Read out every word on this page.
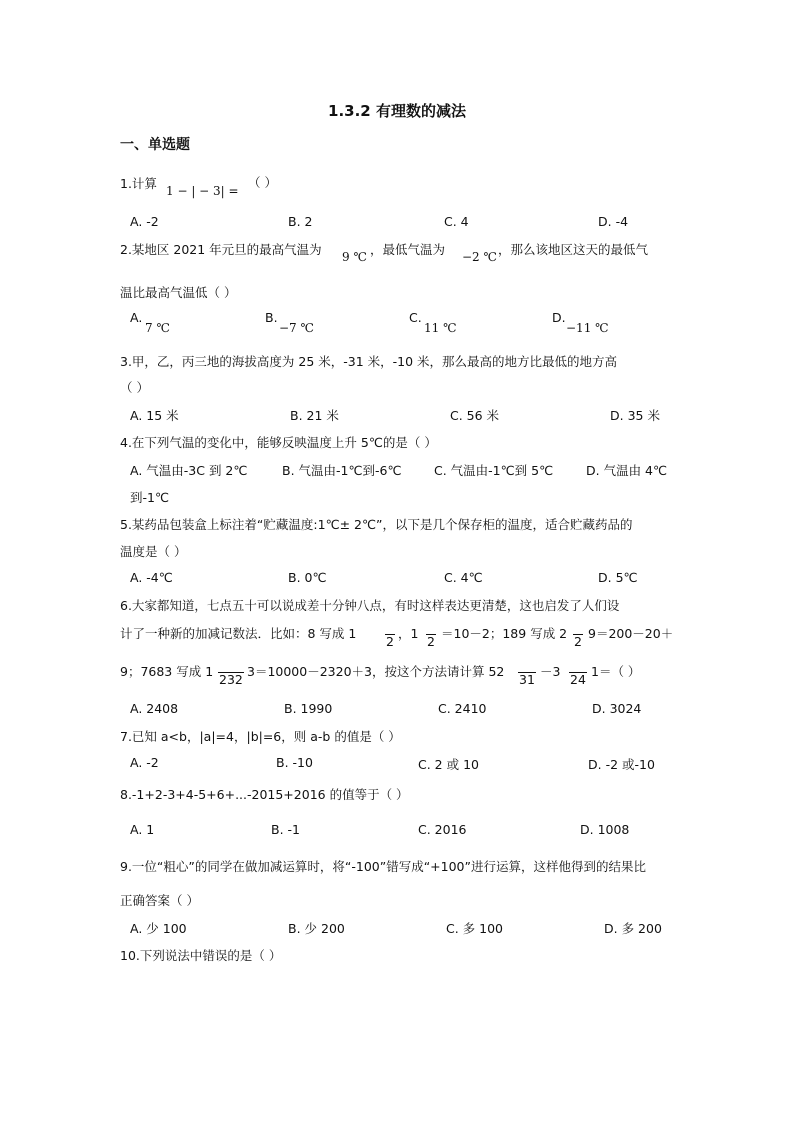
1.3.2 有理数的减法
一、单选题
1.计算 1 − | − 3| =
（ ）
A. -2	B. 2	C. 4	D. -4
2.某地区 2021 年元旦的最高气温为 9 ℃ ，最低气温为 −2 ℃ ，那么该地区这天的最低气
温比最高气温低（ ）
A.
7 ℃
B.
−7 ℃
C.
11 ℃
D.
−11 ℃
3.甲，乙，丙三地的海拔高度为 25 米，-31 米，-10 米，那么最高的地方比最低的地方高
（ ）
A. 15 米	B. 21 米	C. 56 米	D. 35 米
4.在下列气温的变化中，能够反映温度上升 5℃的是（ ）
A. 气温由-3C 到 2℃	B. 气温由-1℃到-6℃	C. 气温由-1℃到 5℃	D. 气温由 4℃
到-1℃
5.某药品包装盒上标注着“贮藏温度:1℃± 2℃”，以下是几个保存柜的温度，适合贮藏药品的
温度是（ ）
A. -4℃	B. 0℃	C. 4℃	D. 5℃
6.大家都知道，七点五十可以说成差十分钟八点，有时这样表达更清楚，这也启发了人们设
计了一种新的加减记数法．比如：8 写成 1
2
，1
2
＝10－2；189 写成 2
2
9＝200－20＋
9；7683 写成 1
232
3＝10000－2320＋3，按这个方法请计算 52
31
－3
24
1＝（ ）
A. 2408	B. 1990	C. 2410	D. 3024
7.已知 a<b，|a|=4，|b|=6，则 a-b 的值是（ ）
A. -2	B. -10	C. 2 或 10	D. -2 或-10
8.-1+2-3+4-5+6+...-2015+2016 的值等于（ ）
A. 1	B. -1	C. 2016	D. 1008
9.一位“粗心”的同学在做加减运算时，将“-100”错写成“+100”进行运算，这样他得到的结果比
正确答案（ ）
A. 少 100	B. 少 200	C. 多 100	D. 多 200
10.下列说法中错误的是（ ）
